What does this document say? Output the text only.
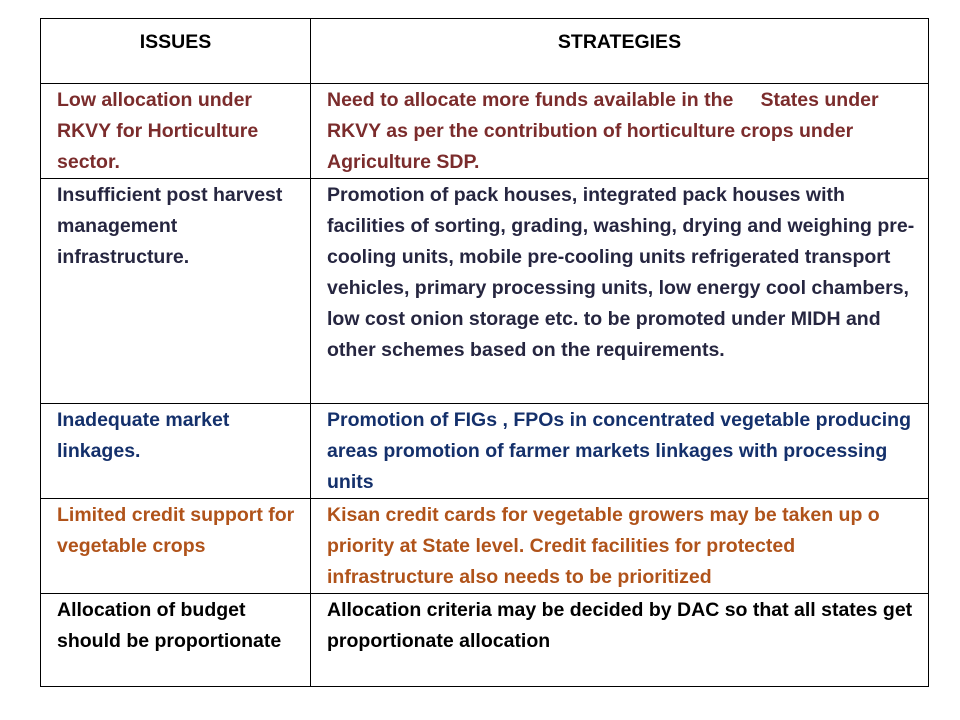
ISSUES	STRATEGIES

Low allocation under RKVY for Horticulture sector.	Need to allocate more funds available in the     States under RKVY as per the contribution of horticulture crops under Agriculture SDP.

Insufficient post harvest management infrastructure.	Promotion of pack houses, integrated pack houses with facilities of sorting, grading, washing, drying and weighing pre-cooling units, mobile pre-cooling units refrigerated transport vehicles, primary processing units, low energy cool chambers, low cost onion storage etc. to be promoted under MIDH and other schemes based on the requirements.

Inadequate market linkages.	Promotion of FIGs , FPOs in concentrated vegetable producing areas promotion of farmer markets linkages with processing units

Limited credit support for vegetable crops	Kisan credit cards for vegetable growers may be taken up o priority at State level. Credit facilities for protected infrastructure also needs to be prioritized

Allocation of budget should be proportionate	Allocation criteria may be decided by DAC so that all states get proportionate allocation
